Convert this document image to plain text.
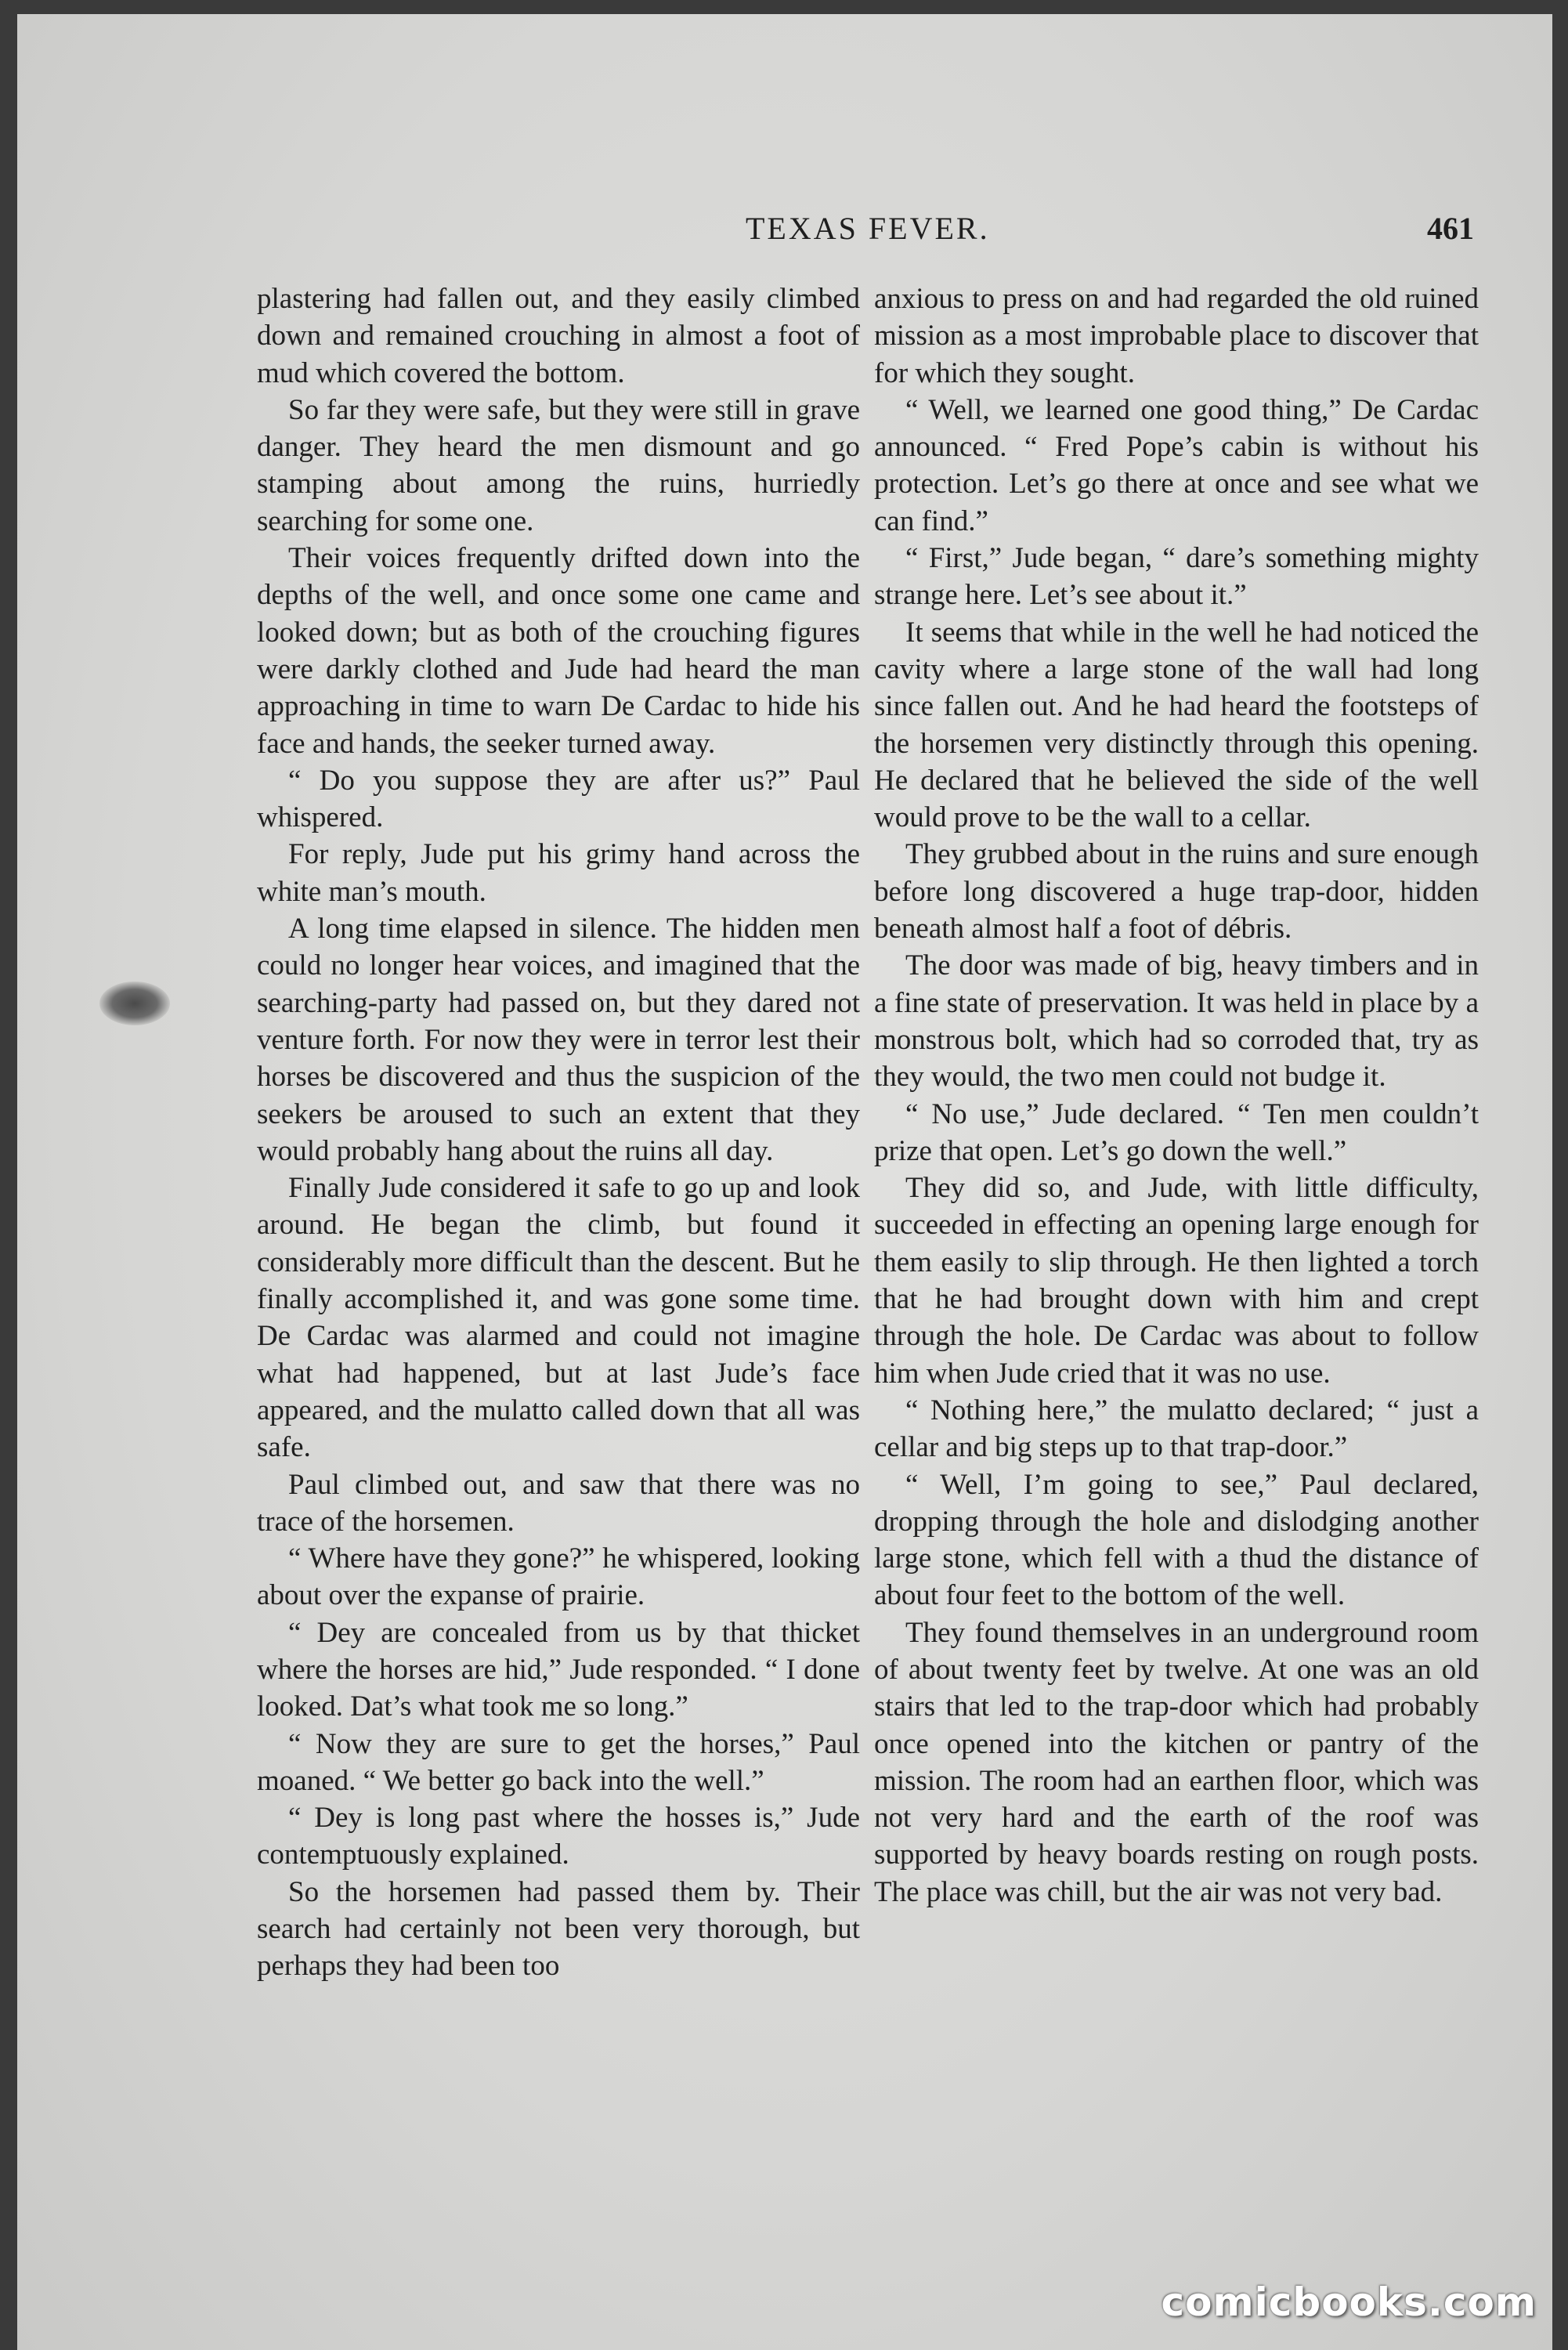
TEXAS FEVER.	461

plastering had fallen out, and they easily climbed down and remained crouching in almost a foot of mud which covered the bottom.

So far they were safe, but they were still in grave danger. They heard the men dismount and go stamping about among the ruins, hurriedly searching for some one.

Their voices frequently drifted down into the depths of the well, and once some one came and looked down; but as both of the crouching figures were darkly clothed and Jude had heard the man approaching in time to warn De Cardac to hide his face and hands, the seeker turned away.

“ Do you suppose they are after us?” Paul whispered.

For reply, Jude put his grimy hand across the white man’s mouth.

A long time elapsed in silence. The hidden men could no longer hear voices, and imagined that the searching-party had passed on, but they dared not venture forth. For now they were in terror lest their horses be discovered and thus the suspicion of the seekers be aroused to such an extent that they would probably hang about the ruins all day.

Finally Jude considered it safe to go up and look around. He began the climb, but found it considerably more difficult than the descent. But he finally accomplished it, and was gone some time. De Cardac was alarmed and could not imagine what had happened, but at last Jude’s face appeared, and the mulatto called down that all was safe.

Paul climbed out, and saw that there was no trace of the horsemen.

“ Where have they gone?” he whispered, looking about over the expanse of prairie.

“ Dey are concealed from us by that thicket where the horses are hid,” Jude responded. “ I done looked. Dat’s what took me so long.”

“ Now they are sure to get the horses,” Paul moaned. “ We better go back into the well.”

“ Dey is long past where the hosses is,” Jude contemptuously explained.

So the horsemen had passed them by. Their search had certainly not been very thorough, but perhaps they had been too

anxious to press on and had regarded the old ruined mission as a most improbable place to discover that for which they sought.

“ Well, we learned one good thing,” De Cardac announced. “ Fred Pope’s cabin is without his protection. Let’s go there at once and see what we can find.”

“ First,” Jude began, “ dare’s something mighty strange here. Let’s see about it.”

It seems that while in the well he had noticed the cavity where a large stone of the wall had long since fallen out. And he had heard the footsteps of the horsemen very distinctly through this opening. He declared that he believed the side of the well would prove to be the wall to a cellar.

They grubbed about in the ruins and sure enough before long discovered a huge trap-door, hidden beneath almost half a foot of débris.

The door was made of big, heavy timbers and in a fine state of preservation. It was held in place by a monstrous bolt, which had so corroded that, try as they would, the two men could not budge it.

“ No use,” Jude declared. “ Ten men couldn’t prize that open. Let’s go down the well.”

They did so, and Jude, with little difficulty, succeeded in effecting an opening large enough for them easily to slip through. He then lighted a torch that he had brought down with him and crept through the hole. De Cardac was about to follow him when Jude cried that it was no use.

“ Nothing here,” the mulatto declared; “ just a cellar and big steps up to that trap-door.”

“ Well, I’m going to see,” Paul declared, dropping through the hole and dislodging another large stone, which fell with a thud the distance of about four feet to the bottom of the well.

They found themselves in an underground room of about twenty feet by twelve. At one was an old stairs that led to the trap-door which had probably once opened into the kitchen or pantry of the mission. The room had an earthen floor, which was not very hard and the earth of the roof was supported by heavy boards resting on rough posts. The place was chill, but the air was not very bad.

comicbooks.com
